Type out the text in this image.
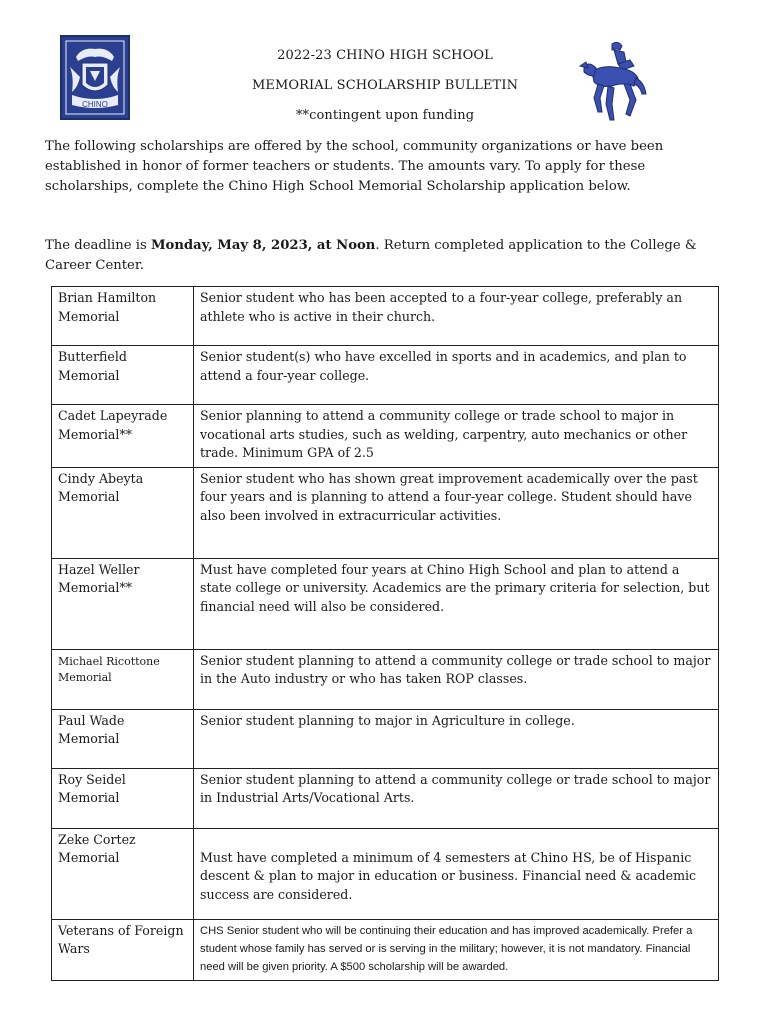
CHINO
2022-23 CHINO HIGH SCHOOL
MEMORIAL SCHOLARSHIP BULLETIN
**contingent upon funding
The following scholarships are offered by the school, community organizations or have been established in honor of former teachers or students. The amounts vary. To apply for these scholarships, complete the Chino High School Memorial Scholarship application below.
The deadline is Monday, May 8, 2023, at Noon. Return completed application to the College & Career Center.
Brian Hamilton Memorial	Senior student who has been accepted to a four-year college, preferably an athlete who is active in their church.
Butterfield Memorial	Senior student(s) who have excelled in sports and in academics, and plan to attend a four-year college.
Cadet Lapeyrade Memorial**	Senior planning to attend a community college or trade school to major in vocational arts studies, such as welding, carpentry, auto mechanics or other trade. Minimum GPA of 2.5
Cindy Abeyta Memorial	Senior student who has shown great improvement academically over the past four years and is planning to attend a four-year college. Student should have also been involved in extracurricular activities.
Hazel Weller Memorial**	Must have completed four years at Chino High School and plan to attend a state college or university. Academics are the primary criteria for selection, but financial need will also be considered.
Michael Ricottone Memorial	Senior student planning to attend a community college or trade school to major in the Auto industry or who has taken ROP classes.
Paul Wade Memorial	Senior student planning to major in Agriculture in college.
Roy Seidel Memorial	Senior student planning to attend a community college or trade school to major in Industrial Arts/Vocational Arts.
Zeke Cortez Memorial	Must have completed a minimum of 4 semesters at Chino HS, be of Hispanic descent & plan to major in education or business. Financial need & academic success are considered.
Veterans of Foreign Wars	CHS Senior student who will be continuing their education and has improved academically. Prefer a student whose family has served or is serving in the military; however, it is not mandatory. Financial need will be given priority. A $500 scholarship will be awarded.
